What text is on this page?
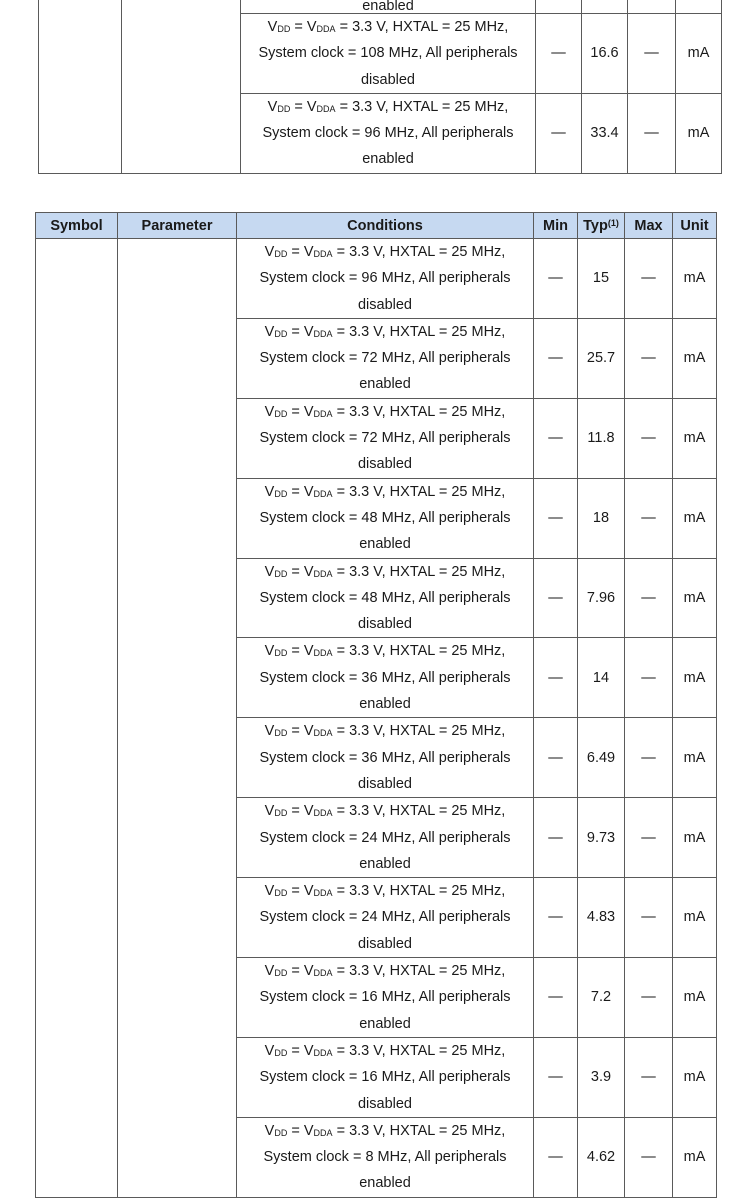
		enabled				

		$V_{DD} = V_{DDA} = 3.3$ V, HXTAL = 25 MHz,
System clock = 108 MHz, All peripherals
disabled	—	16.6	—	mA

		$V_{DD} = V_{DDA} = 3.3$ V, HXTAL = 25 MHz,
System clock = 96 MHz, All peripherals
enabled	—	33.4	—	mA
Symbol	Parameter	Conditions	Min	Typ$^{(1)}$	Max	Unit

		$V_{DD} = V_{DDA} = 3.3$ V, HXTAL = 25 MHz,
System clock = 96 MHz, All peripherals
disabled	—	15	—	mA

		$V_{DD} = V_{DDA} = 3.3$ V, HXTAL = 25 MHz,
System clock = 72 MHz, All peripherals
enabled	—	25.7	—	mA

		$V_{DD} = V_{DDA} = 3.3$ V, HXTAL = 25 MHz,
System clock = 72 MHz, All peripherals
disabled	—	11.8	—	mA

		$V_{DD} = V_{DDA} = 3.3$ V, HXTAL = 25 MHz,
System clock = 48 MHz, All peripherals
enabled	—	18	—	mA

		$V_{DD} = V_{DDA} = 3.3$ V, HXTAL = 25 MHz,
System clock = 48 MHz, All peripherals
disabled	—	7.96	—	mA

		$V_{DD} = V_{DDA} = 3.3$ V, HXTAL = 25 MHz,
System clock = 36 MHz, All peripherals
enabled	—	14	—	mA

		$V_{DD} = V_{DDA} = 3.3$ V, HXTAL = 25 MHz,
System clock = 36 MHz, All peripherals
disabled	—	6.49	—	mA

		$V_{DD} = V_{DDA} = 3.3$ V, HXTAL = 25 MHz,
System clock = 24 MHz, All peripherals
enabled	—	9.73	—	mA

		$V_{DD} = V_{DDA} = 3.3$ V, HXTAL = 25 MHz,
System clock = 24 MHz, All peripherals
disabled	—	4.83	—	mA

		$V_{DD} = V_{DDA} = 3.3$ V, HXTAL = 25 MHz,
System clock = 16 MHz, All peripherals
enabled	—	7.2	—	mA

		$V_{DD} = V_{DDA} = 3.3$ V, HXTAL = 25 MHz,
System clock = 16 MHz, All peripherals
disabled	—	3.9	—	mA

		$V_{DD} = V_{DDA} = 3.3$ V, HXTAL = 25 MHz,
System clock = 8 MHz, All peripherals
enabled	—	4.62	—	mA
